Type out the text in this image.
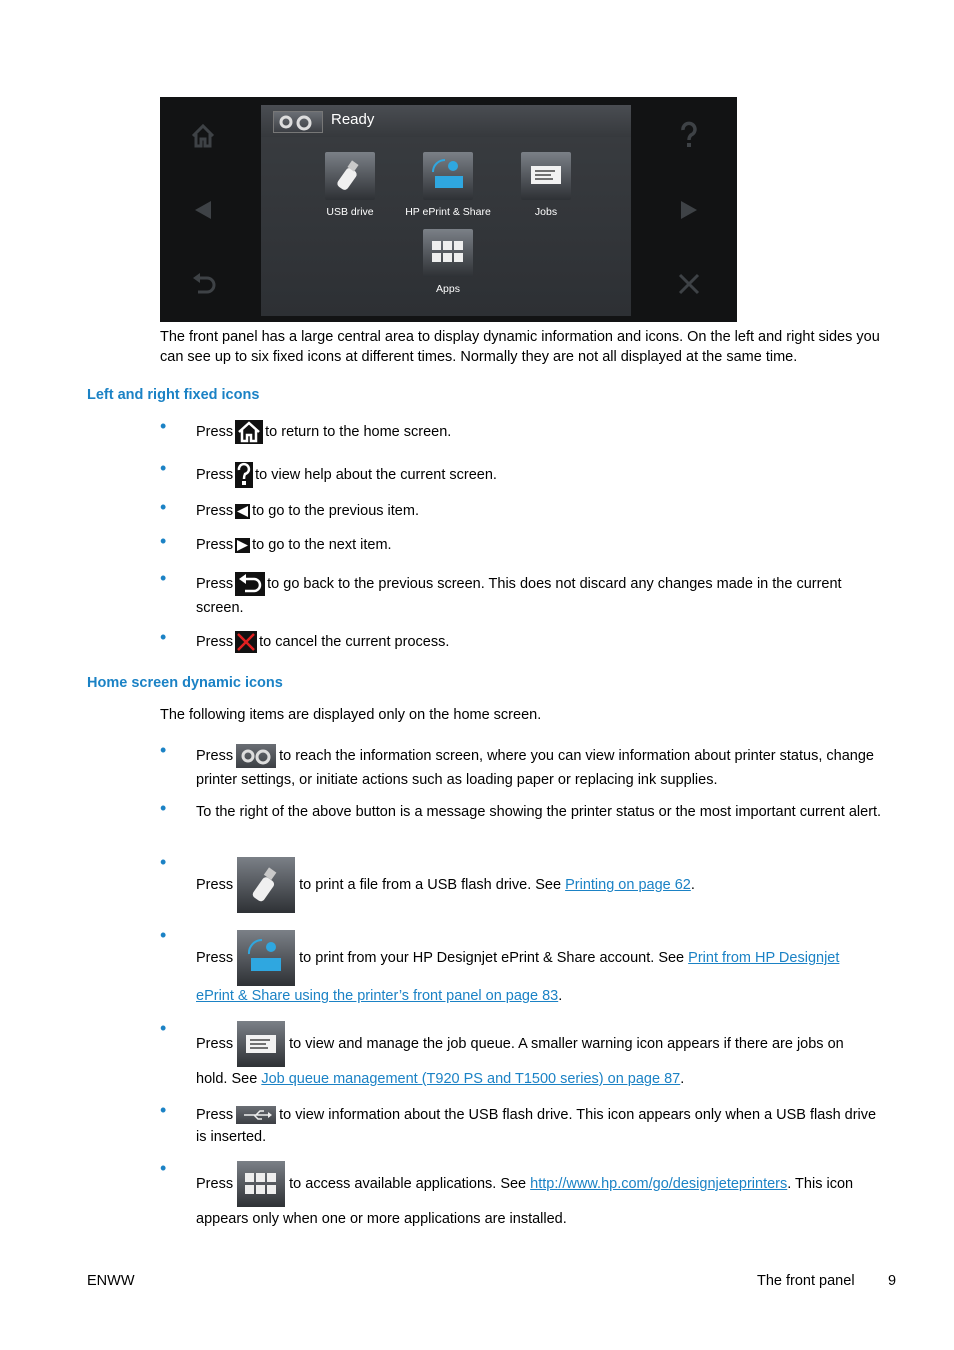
Ready
USB drive	HP ePrint & Share	Jobs
Apps

The front panel has a large central area to display dynamic information and icons. On the left and right sides you can see up to six fixed icons at different times. Normally they are not all displayed at the same time.

Left and right fixed icons
• Press to return to the home screen.
• Press to view help about the current screen.
• Press to go to the previous item.
• Press to go to the next item.
• Press to go back to the previous screen. This does not discard any changes made in the current screen.
• Press to cancel the current process.
Home screen dynamic icons

The following items are displayed only on the home screen.

• Press	to reach the information screen, where you can view information about printer status, change printer settings, or initiate actions such as loading paper or replacing ink supplies.
• To the right of the above button is a message showing the printer status or the most important current alert.
•
Press	to print a file from a USB flash drive. See Printing on page 62.
•
Press	to print from your HP Designjet ePrint & Share account. See Print from HP Designjet
ePrint & Share using the printer’s front panel on page 83.
•
Press	to view and manage the job queue. A smaller warning icon appears if there are jobs on
hold. See Job queue management (T920 PS and T1500 series) on page 87.
• Press	to view information about the USB flash drive. This icon appears only when a USB flash drive is inserted.
•
Press	to access available applications. See http://www.hp.com/go/designjeteprinters. This icon
appears only when one or more applications are installed.
ENWW	The front panel 9
